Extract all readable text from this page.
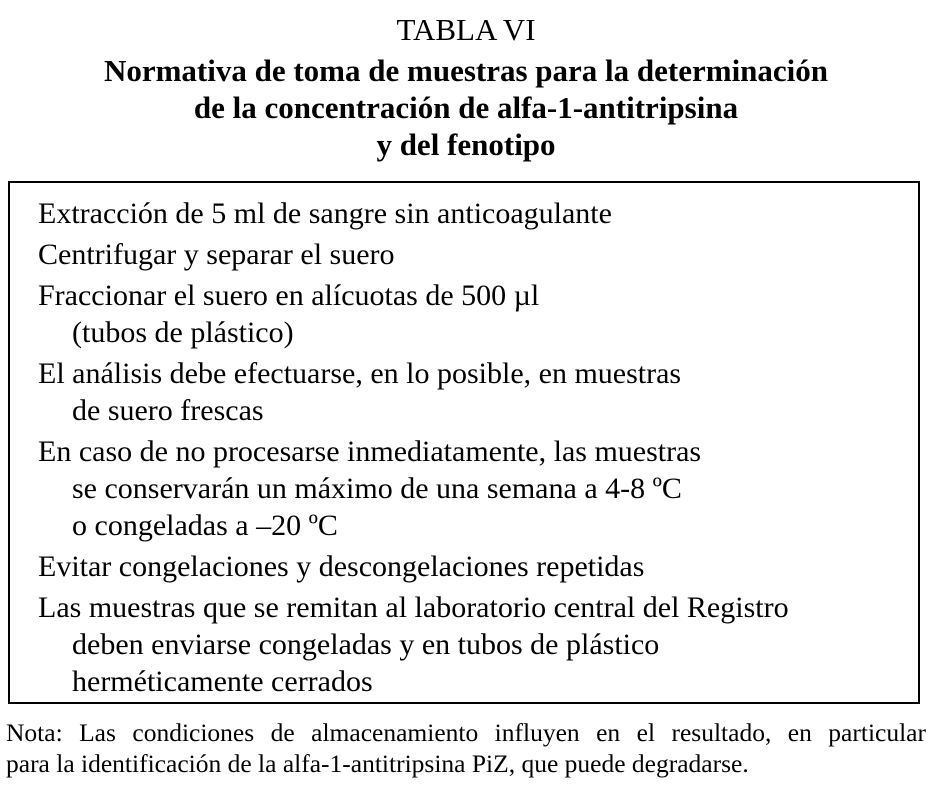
TABLA VI
Normativa de toma de muestras para la determinación
de la concentración de alfa-1-antitripsina
y del fenotipo
Extracción de 5 ml de sangre sin anticoagulante
Centrifugar y separar el suero
Fraccionar el suero en alícuotas de 500 µl
(tubos de plástico)
El análisis debe efectuarse, en lo posible, en muestras
de suero frescas
En caso de no procesarse inmediatamente, las muestras
se conservarán un máximo de una semana a 4-8 ºC
o congeladas a –20 ºC
Evitar congelaciones y descongelaciones repetidas
Las muestras que se remitan al laboratorio central del Registro
deben enviarse congeladas y en tubos de plástico
herméticamente cerrados
Nota: Las condiciones de almacenamiento influyen en el resultado, en particular
para la identificación de la alfa-1-antitripsina PiZ, que puede degradarse.
